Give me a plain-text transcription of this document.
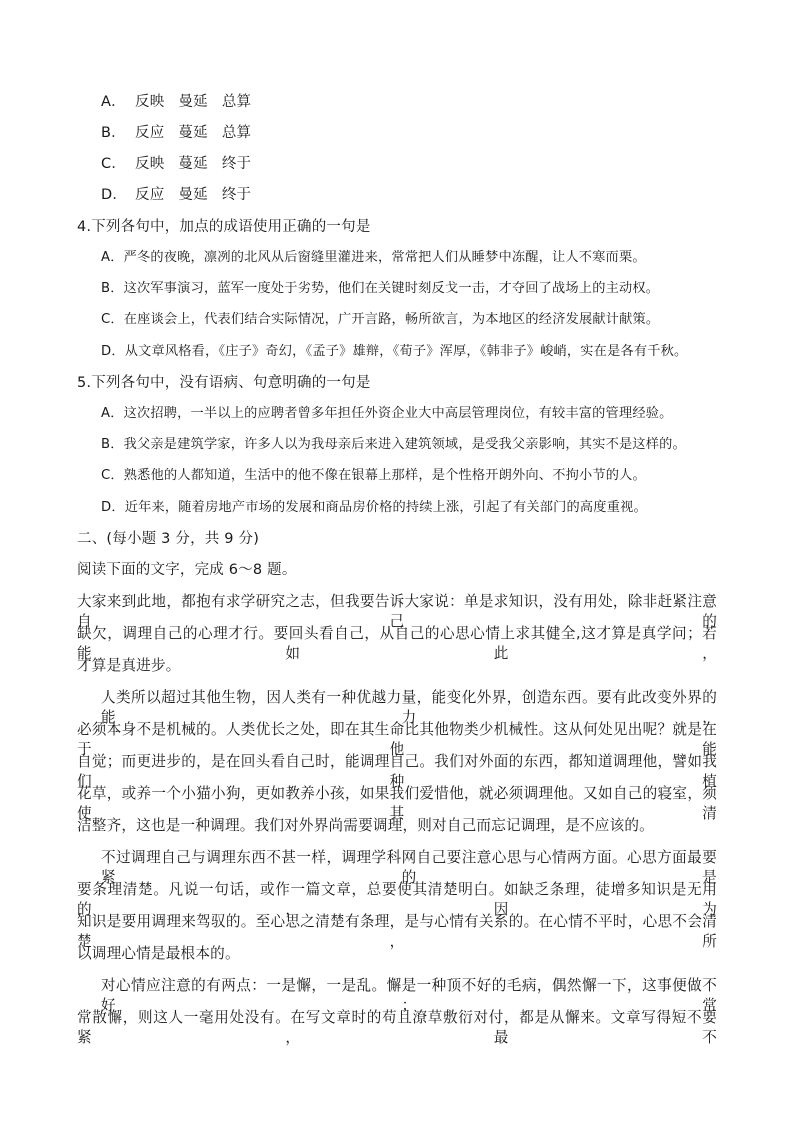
A． 反映 曼延 总算
B． 反应 蔓延 总算
C． 反映 蔓延 终于
D． 反应 曼延 终于
4.下列各句中，加点的成语使用正确的一句是
A．严冬的夜晚，凛冽的北风从后窗缝里灌进来，常常把人们从睡梦中冻醒，让人不寒而栗。
B．这次军事演习，蓝军一度处于劣势，他们在关键时刻反戈一击，才夺回了战场上的主动权。
C．在座谈会上，代表们结合实际情况，广开言路，畅所欲言，为本地区的经济发展献计献策。
D．从文章风格看，《庄子》奇幻，《孟子》雄辩，《荀子》浑厚，《韩非子》峻峭，实在是各有千秋。
5.下列各句中，没有语病、句意明确的一句是
A．这次招聘，一半以上的应聘者曾多年担任外资企业大中高层管理岗位，有较丰富的管理经验。
B．我父亲是建筑学家，许多人以为我母亲后来进入建筑领域，是受我父亲影响，其实不是这样的。
C．熟悉他的人都知道，生活中的他不像在银幕上那样，是个性格开朗外向、不拘小节的人。
D．近年来，随着房地产市场的发展和商品房价格的持续上涨，引起了有关部门的高度重视。
二、(每小题 3 分，共 9 分)
阅读下面的文字，完成 6～8 题。
大家来到此地，都抱有求学研究之志，但我要告诉大家说：单是求知识，没有用处，除非赶紧注意自己的
缺欠，调理自己的心理才行。要回头看自己，从自己的心思心情上求其健全,这才算是真学问；若能如此，
才算是真进步。
人类所以超过其他生物，因人类有一种优越力量，能变化外界，创造东西。要有此改变外界的能力，
必须本身不是机械的。人类优长之处，即在其生命比其他物类少机械性。这从何处见出呢？就是在于他能
自觉；而更进步的，是在回头看自己时，能调理自己。我们对外面的东西，都知道调理他，譬如我们种植
花草，或养一个小猫小狗，更如教养小孩，如果我们爱惜他，就必须调理他。又如自己的寝室，须使其清
洁整齐，这也是一种调理。我们对外界尚需要调理，则对自己而忘记调理，是不应该的。
不过调理自己与调理东西不甚一样，调理学科网自己要注意心思与心情两方面。心思方面最要紧的是
要条理清楚。凡说一句话，或作一篇文章，总要使其清楚明白。如缺乏条理，徒增多知识是无用的，因为
知识是要用调理来驾驭的。至心思之清楚有条理，是与心情有关系的。在心情不平时，心思不会清楚，所
以调理心情是最根本的。
对心情应注意的有两点：一是懈，一是乱。懈是一种顶不好的毛病，偶然懈一下，这事便做不好；常
常散懈，则这人一毫用处没有。在写文章时的苟且潦草敷衍对付，都是从懈来。文章写得短不要紧，最不
